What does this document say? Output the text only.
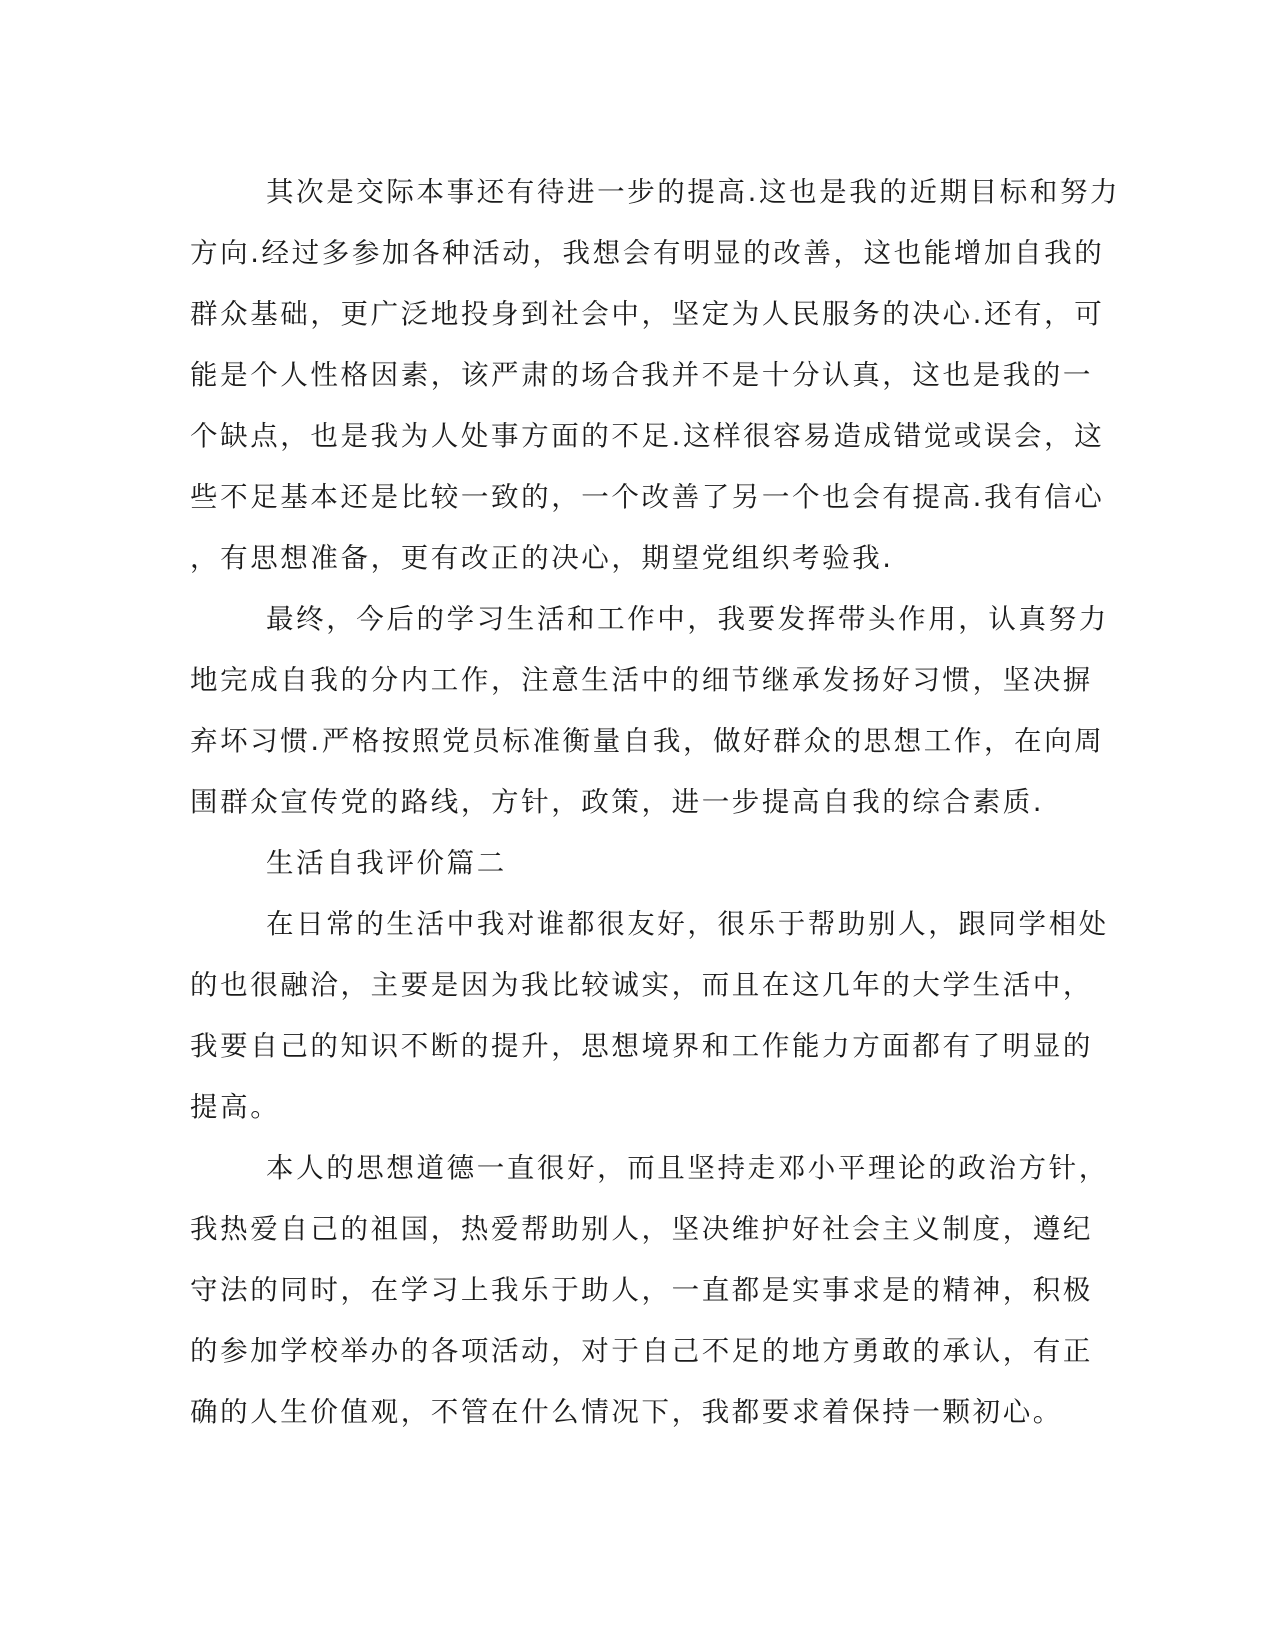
其次是交际本事还有待进一步的提高.这也是我的近期目标和努力
方向.经过多参加各种活动，我想会有明显的改善，这也能增加自我的
群众基础，更广泛地投身到社会中，坚定为人民服务的决心.还有，可
能是个人性格因素，该严肃的场合我并不是十分认真，这也是我的一
个缺点，也是我为人处事方面的不足.这样很容易造成错觉或误会，这
些不足基本还是比较一致的，一个改善了另一个也会有提高.我有信心
，有思想准备，更有改正的决心，期望党组织考验我.

最终，今后的学习生活和工作中，我要发挥带头作用，认真努力
地完成自我的分内工作，注意生活中的细节继承发扬好习惯，坚决摒
弃坏习惯.严格按照党员标准衡量自我，做好群众的思想工作，在向周
围群众宣传党的路线，方针，政策，进一步提高自我的综合素质.

生活自我评价篇二

在日常的生活中我对谁都很友好，很乐于帮助别人，跟同学相处
的也很融洽，主要是因为我比较诚实，而且在这几年的大学生活中，
我要自己的知识不断的提升，思想境界和工作能力方面都有了明显的
提高。

本人的思想道德一直很好，而且坚持走邓小平理论的政治方针，
我热爱自己的祖国，热爱帮助别人，坚决维护好社会主义制度，遵纪
守法的同时，在学习上我乐于助人，一直都是实事求是的精神，积极
的参加学校举办的各项活动，对于自己不足的地方勇敢的承认，有正
确的人生价值观，不管在什么情况下，我都要求着保持一颗初心。
